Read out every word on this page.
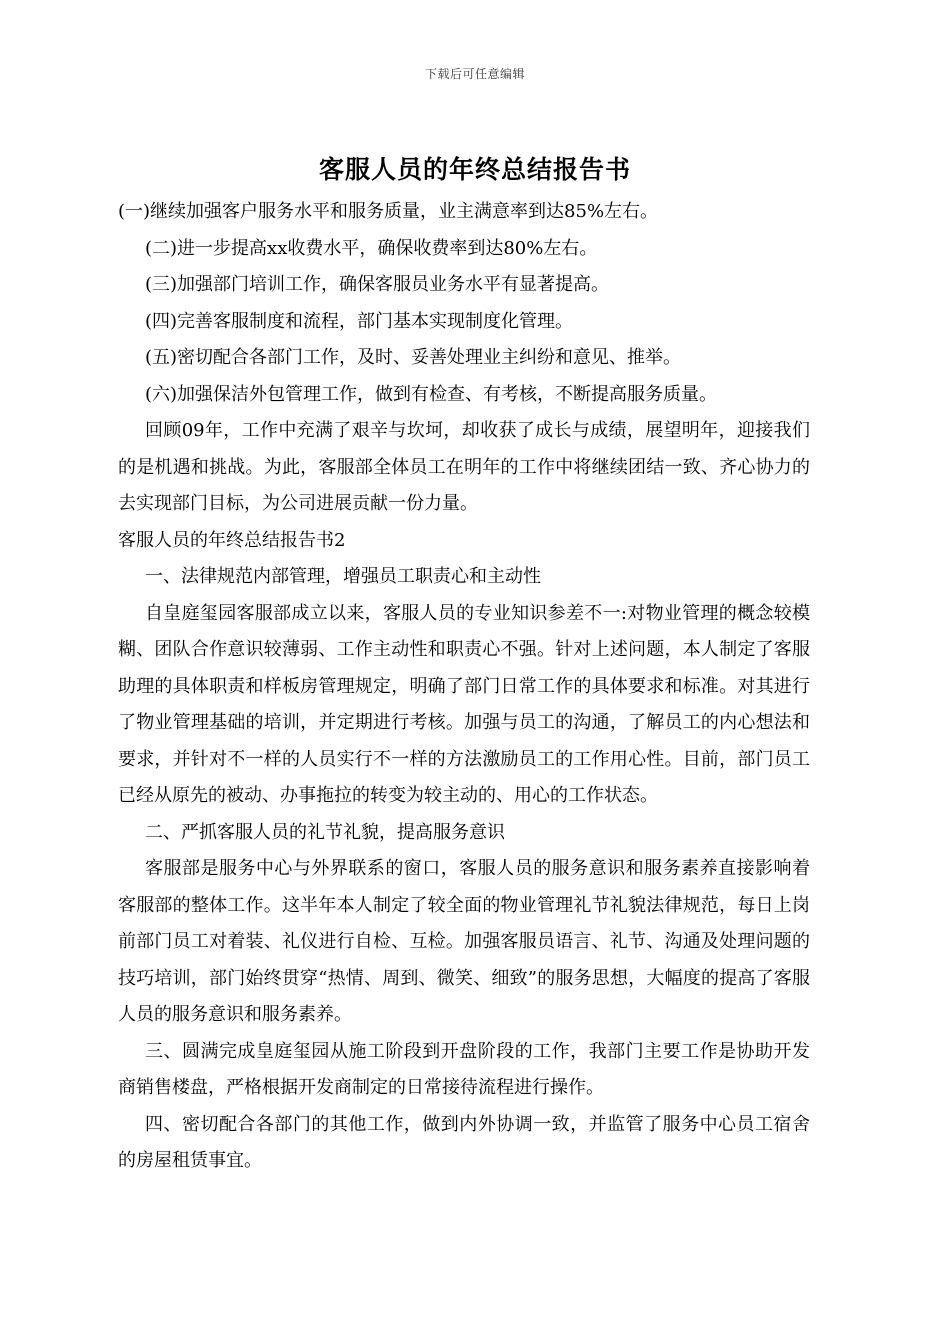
下载后可任意编辑
客服人员的年终总结报告书

(一)继续加强客户服务水平和服务质量，业主满意率到达85%左右。

(二)进一步提高xx收费水平，确保收费率到达80%左右。

(三)加强部门培训工作，确保客服员业务水平有显著提高。

(四)完善客服制度和流程，部门基本实现制度化管理。

(五)密切配合各部门工作，及时、妥善处理业主纠纷和意见、推举。

(六)加强保洁外包管理工作，做到有检查、有考核，不断提高服务质量。

回顾09年，工作中充满了艰辛与坎坷，却收获了成长与成绩，展望明年，迎接我们的是机遇和挑战。为此，客服部全体员工在明年的工作中将继续团结一致、齐心协力的去实现部门目标，为公司进展贡献一份力量。

客服人员的年终总结报告书2

一、法律规范内部管理，增强员工职责心和主动性

自皇庭玺园客服部成立以来，客服人员的专业知识参差不一:对物业管理的概念较模糊、团队合作意识较薄弱、工作主动性和职责心不强。针对上述问题，本人制定了客服助理的具体职责和样板房管理规定，明确了部门日常工作的具体要求和标准。对其进行了物业管理基础的培训，并定期进行考核。加强与员工的沟通，了解员工的内心想法和要求，并针对不一样的人员实行不一样的方法激励员工的工作用心性。目前，部门员工已经从原先的被动、办事拖拉的转变为较主动的、用心的工作状态。

二、严抓客服人员的礼节礼貌，提高服务意识

客服部是服务中心与外界联系的窗口，客服人员的服务意识和服务素养直接影响着客服部的整体工作。这半年本人制定了较全面的物业管理礼节礼貌法律规范，每日上岗前部门员工对着装、礼仪进行自检、互检。加强客服员语言、礼节、沟通及处理问题的技巧培训，部门始终贯穿“热情、周到、微笑、细致”的服务思想，大幅度的提高了客服人员的服务意识和服务素养。

三、圆满完成皇庭玺园从施工阶段到开盘阶段的工作，我部门主要工作是协助开发商销售楼盘，严格根据开发商制定的日常接待流程进行操作。

四、密切配合各部门的其他工作，做到内外协调一致，并监管了服务中心员工宿舍的房屋租赁事宜。
